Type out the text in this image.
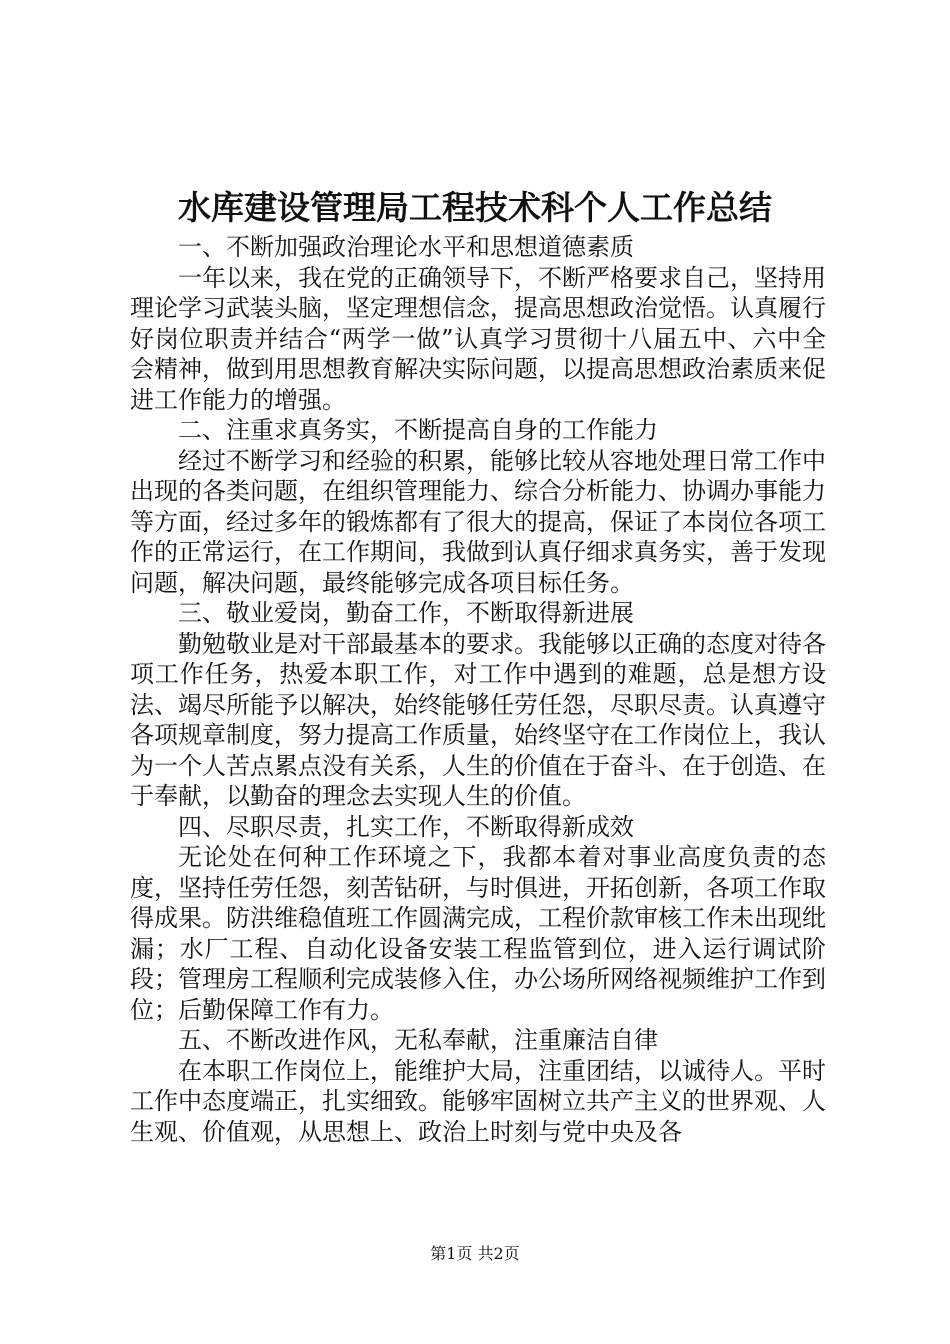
水库建设管理局工程技术科个人工作总结

一、不断加强政治理论水平和思想道德素质

一年以来，我在党的正确领导下，不断严格要求自己，坚持用理论学习武装头脑，坚定理想信念，提高思想政治觉悟。认真履行好岗位职责并结合“两学一做”认真学习贯彻十八届五中、六中全会精神，做到用思想教育解决实际问题，以提高思想政治素质来促进工作能力的增强。

二、注重求真务实，不断提高自身的工作能力

经过不断学习和经验的积累，能够比较从容地处理日常工作中出现的各类问题，在组织管理能力、综合分析能力、协调办事能力等方面，经过多年的锻炼都有了很大的提高，保证了本岗位各项工作的正常运行，在工作期间，我做到认真仔细求真务实，善于发现问题，解决问题，最终能够完成各项目标任务。

三、敬业爱岗，勤奋工作，不断取得新进展

勤勉敬业是对干部最基本的要求。我能够以正确的态度对待各项工作任务，热爱本职工作，对工作中遇到的难题，总是想方设法、竭尽所能予以解决，始终能够任劳任怨，尽职尽责。认真遵守各项规章制度，努力提高工作质量，始终坚守在工作岗位上，我认为一个人苦点累点没有关系，人生的价值在于奋斗、在于创造、在于奉献，以勤奋的理念去实现人生的价值。

四、尽职尽责，扎实工作，不断取得新成效

无论处在何种工作环境之下，我都本着对事业高度负责的态度，坚持任劳任怨，刻苦钻研，与时俱进，开拓创新，各项工作取得成果。防洪维稳值班工作圆满完成，工程价款审核工作未出现纰漏；水厂工程、自动化设备安装工程监管到位，进入运行调试阶段；管理房工程顺利完成装修入住，办公场所网络视频维护工作到位；后勤保障工作有力。

五、不断改进作风，无私奉献，注重廉洁自律

在本职工作岗位上，能维护大局，注重团结，以诚待人。平时工作中态度端正，扎实细致。能够牢固树立共产主义的世界观、人生观、价值观，从思想上、政治上时刻与党中央及各

第1页 共2页
